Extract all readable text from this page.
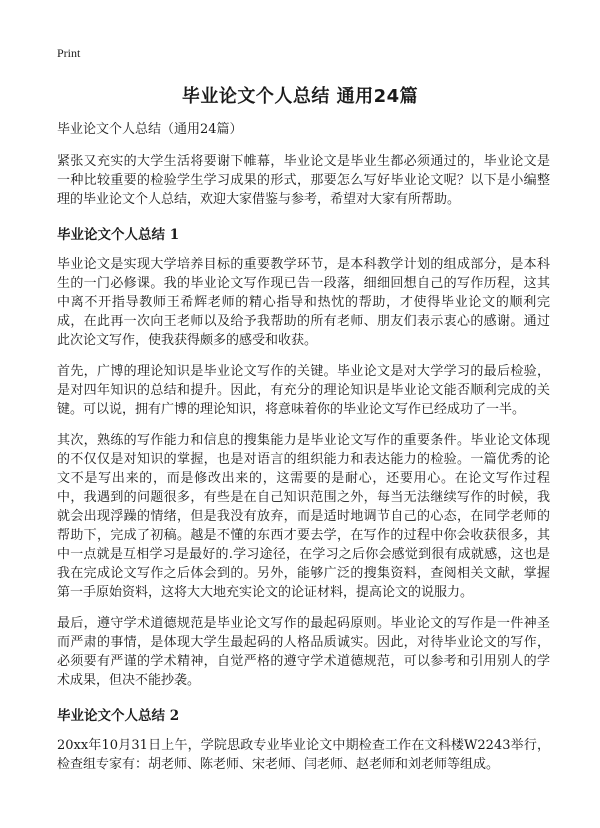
Print
毕业论文个人总结 通用24篇

毕业论文个人总结（通用24篇）

紧张又充实的大学生活将要谢下帷幕，毕业论文是毕业生都必须通过的，毕业论文是一种比较重要的检验学生学习成果的形式，那要怎么写好毕业论文呢？以下是小编整理的毕业论文个人总结，欢迎大家借鉴与参考，希望对大家有所帮助。

毕业论文个人总结 1

毕业论文是实现大学培养目标的重要教学环节，是本科教学计划的组成部分，是本科生的一门必修课。我的毕业论文写作现已告一段落，细细回想自己的写作历程，这其中离不开指导教师王希辉老师的精心指导和热忱的帮助，才使得毕业论文的顺利完成，在此再一次向王老师以及给予我帮助的所有老师、朋友们表示衷心的感谢。通过此次论文写作，使我获得颇多的感受和收获。

首先，广博的理论知识是毕业论文写作的关键。毕业论文是对大学学习的最后检验，是对四年知识的总结和提升。因此，有充分的理论知识是毕业论文能否顺利完成的关键。可以说，拥有广博的理论知识，将意味着你的毕业论文写作已经成功了一半。

其次，熟练的写作能力和信息的搜集能力是毕业论文写作的重要条件。毕业论文体现的不仅仅是对知识的掌握，也是对语言的组织能力和表达能力的检验。一篇优秀的论文不是写出来的，而是修改出来的，这需要的是耐心，还要用心。在论文写作过程中，我遇到的问题很多，有些是在自己知识范围之外，每当无法继续写作的时候，我就会出现浮躁的情绪，但是我没有放弃，而是适时地调节自己的心态，在同学老师的帮助下，完成了初稿。越是不懂的东西才要去学，在写作的过程中你会收获很多，其中一点就是互相学习是最好的.学习途径，在学习之后你会感觉到很有成就感，这也是我在完成论文写作之后体会到的。另外，能够广泛的搜集资料，查阅相关文献，掌握第一手原始资料，这将大大地充实论文的论证材料，提高论文的说服力。

最后，遵守学术道德规范是毕业论文写作的最起码原则。毕业论文的写作是一件神圣而严肃的事情，是体现大学生最起码的人格品质诚实。因此，对待毕业论文的写作，必须要有严谨的学术精神，自觉严格的遵守学术道德规范，可以参考和引用别人的学术成果，但决不能抄袭。

毕业论文个人总结 2

20xx年10月31日上午，学院思政专业毕业论文中期检查工作在文科楼W2243举行，检查组专家有：胡老师、陈老师、宋老师、闫老师、赵老师和刘老师等组成。
